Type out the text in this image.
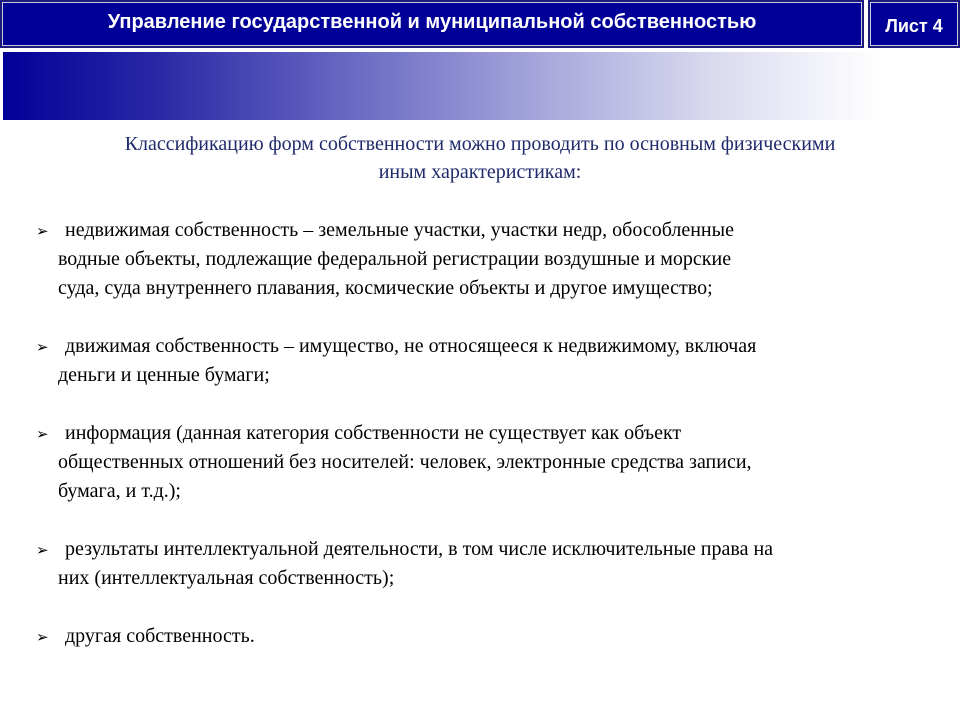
Управление государственной и муниципальной собственностью	Лист 4

Классификацию форм собственности можно проводить по основным физическими
иным характеристикам:

➢ недвижимая собственность – земельные участки, участки недр, обособленные
водные объекты, подлежащие федеральной регистрации воздушные и морские
суда, суда внутреннего плавания, космические объекты и другое имущество;
➢ движимая собственность – имущество, не относящееся к недвижимому, включая
деньги и ценные бумаги;
➢ информация (данная категория собственности не существует как объект
общественных отношений без носителей: человек, электронные средства записи,
бумага, и т.д.);
➢ результаты интеллектуальной деятельности, в том числе исключительные права на
них (интеллектуальная собственность);
➢ другая собственность.
